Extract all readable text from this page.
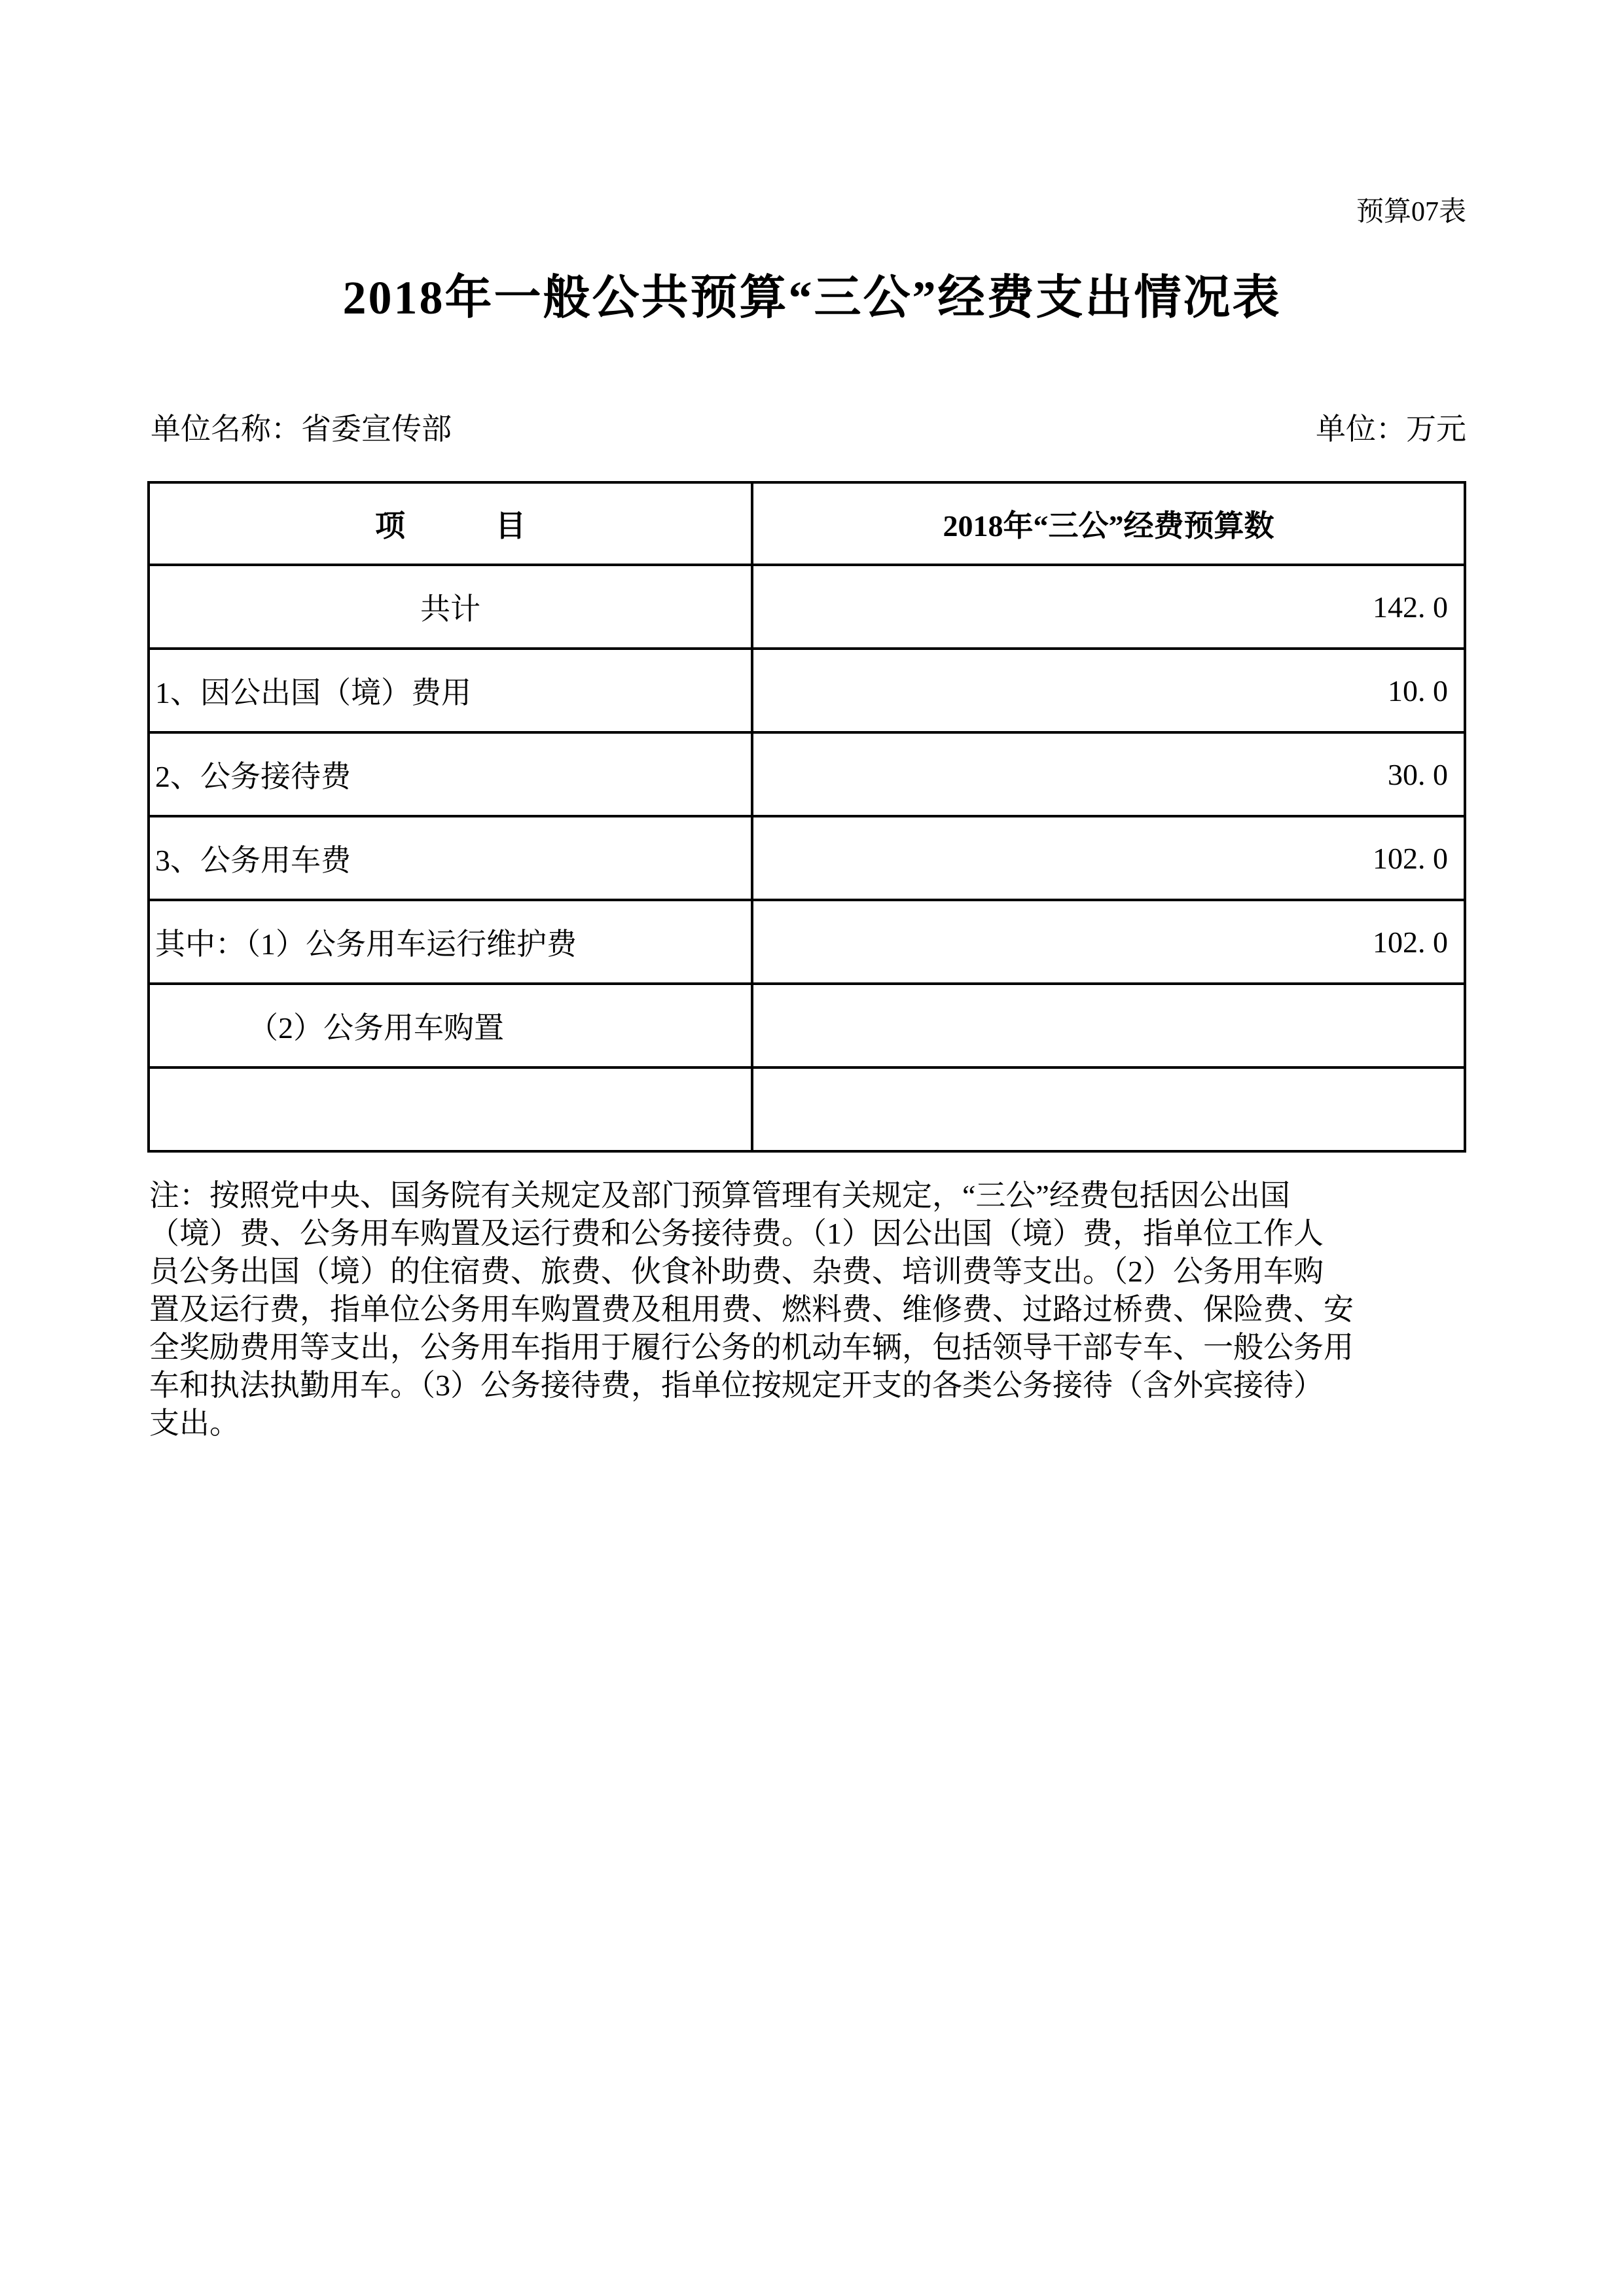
预算07表
2018年一般公共预算“三公”经费支出情况表
单位名称：省委宣传部	单位：万元
项　　　目	2018年“三公”经费预算数
共计	142. 0
1、因公出国（境）费用	10. 0
2、公务接待费	30. 0
3、公务用车费	102. 0
其中：（1）公务用车运行维护费	102. 0
（2）公务用车购置	

注：按照党中央、国务院有关规定及部门预算管理有关规定，“三公”经费包括因公出国
（境）费、公务用车购置及运行费和公务接待费。（1）因公出国（境）费，指单位工作人
员公务出国（境）的住宿费、旅费、伙食补助费、杂费、培训费等支出。（2）公务用车购
置及运行费，指单位公务用车购置费及租用费、燃料费、维修费、过路过桥费、保险费、安
全奖励费用等支出，公务用车指用于履行公务的机动车辆，包括领导干部专车、一般公务用
车和执法执勤用车。（3）公务接待费，指单位按规定开支的各类公务接待（含外宾接待）
支出。
